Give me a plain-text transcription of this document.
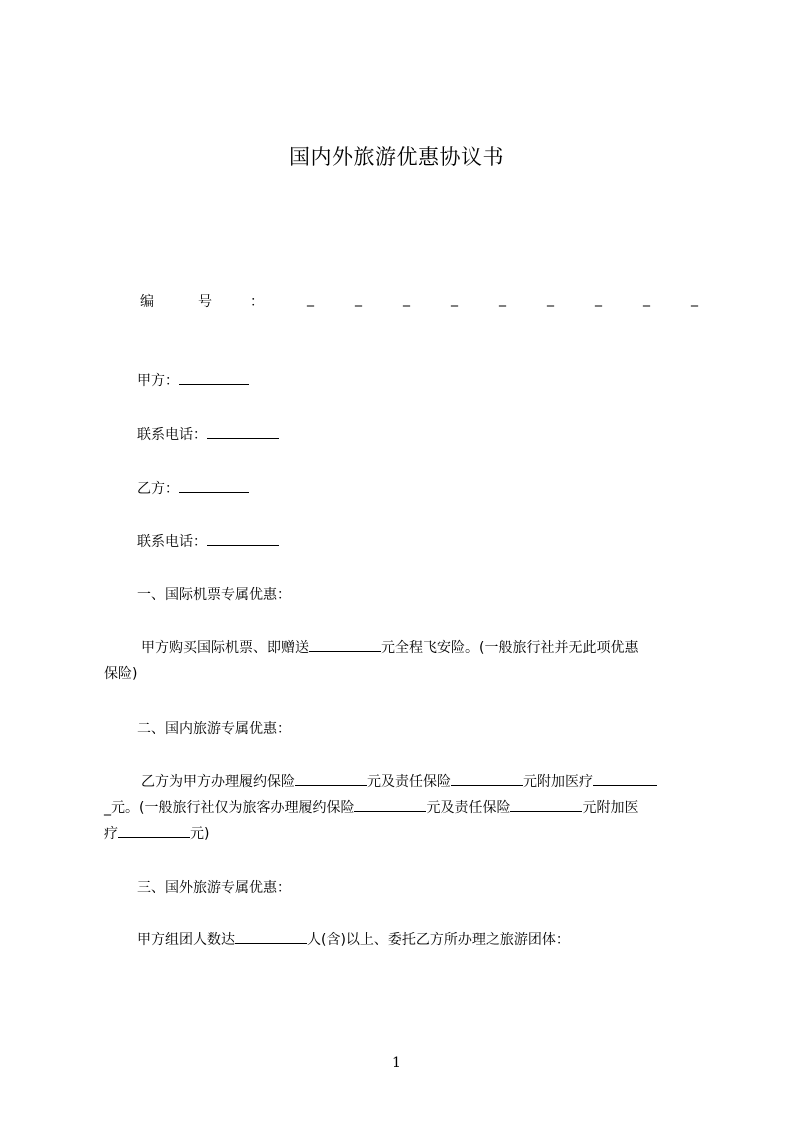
国内外旅游优惠协议书
编	号	：	_	_	_	_	_	_	_	_	_
甲方：
联系电话：
乙方：
联系电话：
一、国际机票专属优惠：
甲方购买国际机票、即赠送	元全程飞安险。(一般旅行社并无此项优惠
保险)
二、国内旅游专属优惠：
乙方为甲方办理履约保险	元及责任保险	元附加医疗
_元。(一般旅行社仅为旅客办理履约保险	元及责任保险	元附加医
疗	元)
三、国外旅游专属优惠：
甲方组团人数达	人(含)以上、委托乙方所办理之旅游团体：
1
